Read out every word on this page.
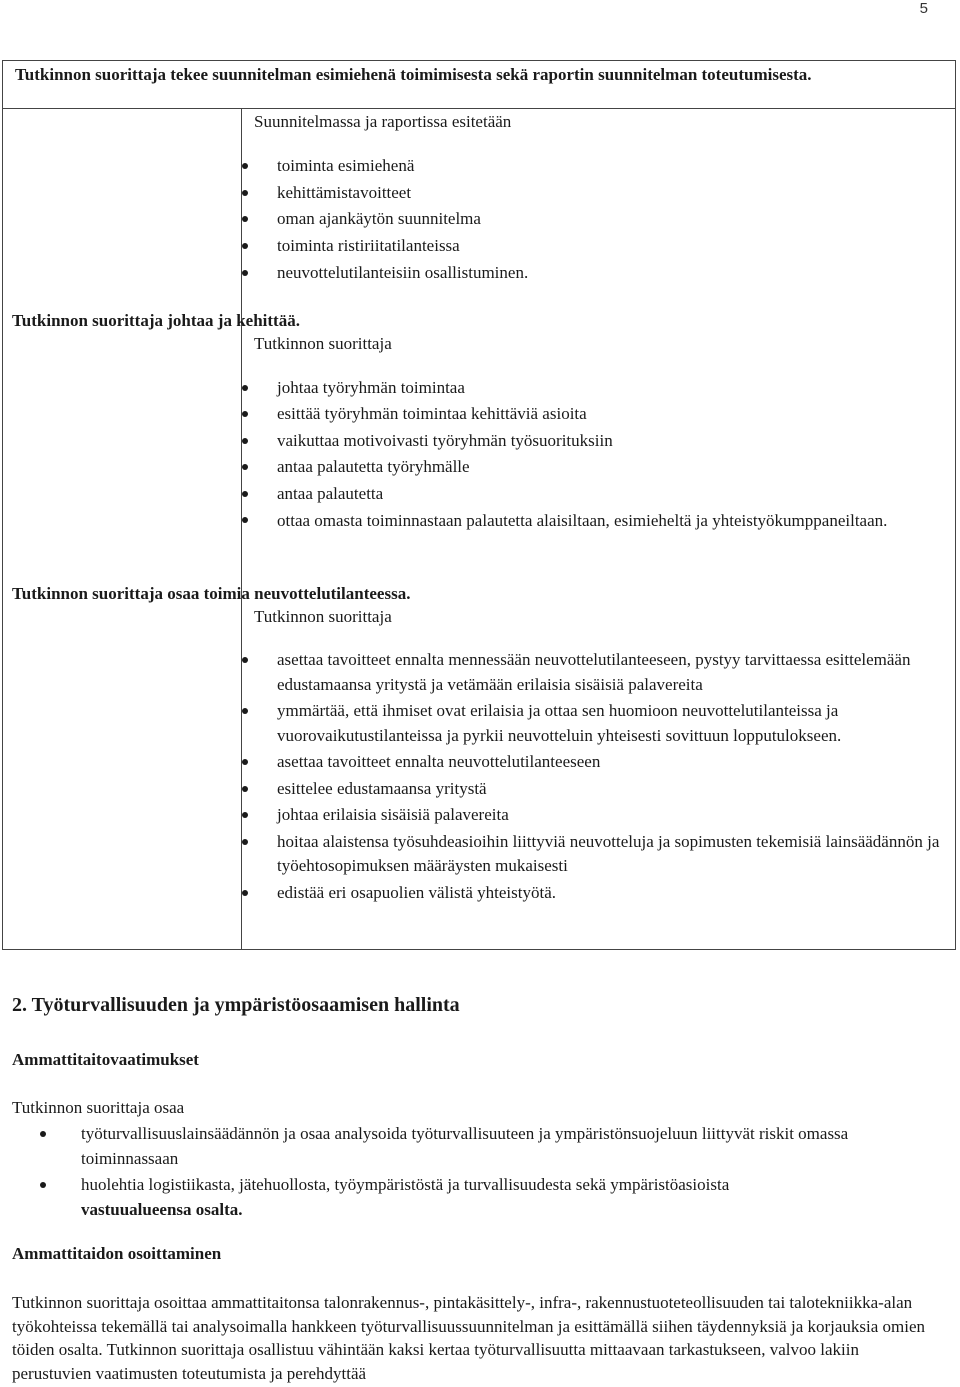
5
Tutkinnon suorittaja tekee suunnitelman esimiehenä toimimisesta sekä raportin suunnitelman toteutumisesta.
Suunnitelmassa ja raportissa esitetään
toiminta esimiehenä
kehittämistavoitteet
oman ajankäytön suunnitelma
toiminta ristiriitatilanteissa
neuvottelutilanteisiin osallistuminen.
Tutkinnon suorittaja johtaa ja kehittää.
Tutkinnon suorittaja
johtaa työryhmän toimintaa
esittää työryhmän toimintaa kehittäviä asioita
vaikuttaa motivoivasti työryhmän työsuorituksiin
antaa palautetta työryhmälle
antaa palautetta
ottaa omasta toiminnastaan palautetta alaisiltaan, esimieheltä ja yhteistyökumppaneiltaan.
Tutkinnon suorittaja osaa toimia neuvottelutilanteessa.
Tutkinnon suorittaja
asettaa tavoitteet ennalta mennessään neuvottelutilanteeseen, pystyy tarvittaessa esittelemään edustamaansa yritystä ja vetämään erilaisia sisäisiä palavereita
ymmärtää, että ihmiset ovat erilaisia ja ottaa sen huomioon neuvottelutilanteissa ja vuorovaikutustilanteissa ja pyrkii neuvotteluin yhteisesti sovittuun lopputulokseen.
asettaa tavoitteet ennalta neuvottelutilanteeseen
esittelee edustamaansa yritystä
johtaa erilaisia sisäisiä palavereita
hoitaa alaistensa työsuhdeasioihin liittyviä neuvotteluja ja sopimusten tekemisiä lainsäädännön ja työehtosopimuksen määräysten mukaisesti
edistää eri osapuolien välistä yhteistyötä.
2. Työturvallisuuden ja ympäristöosaamisen hallinta
Ammattitaitovaatimukset
Tutkinnon suorittaja osaa
työturvallisuuslainsäädännön ja osaa analysoida työturvallisuuteen ja ympäristönsuojeluun liittyvät riskit omassa toiminnassaan
huolehtia logistiikasta, jätehuollosta, työympäristöstä ja turvallisuudesta sekä ympäristöasioista
vastuualueensa osalta.
Ammattitaidon osoittaminen
Tutkinnon suorittaja osoittaa ammattitaitonsa talonrakennus-, pintakäsittely-, infra-, rakennustuoteteollisuuden tai talotekniikka-alan työkohteissa tekemällä tai analysoimalla hankkeen työturvallisuussuunnitelman ja esittämällä siihen täydennyksiä ja korjauksia omien töiden osalta. Tutkinnon suorittaja osallistuu vähintään kaksi kertaa työturvallisuutta mittaavaan tarkastukseen, valvoo lakiin perustuvien vaatimusten toteutumista ja perehdyttää
